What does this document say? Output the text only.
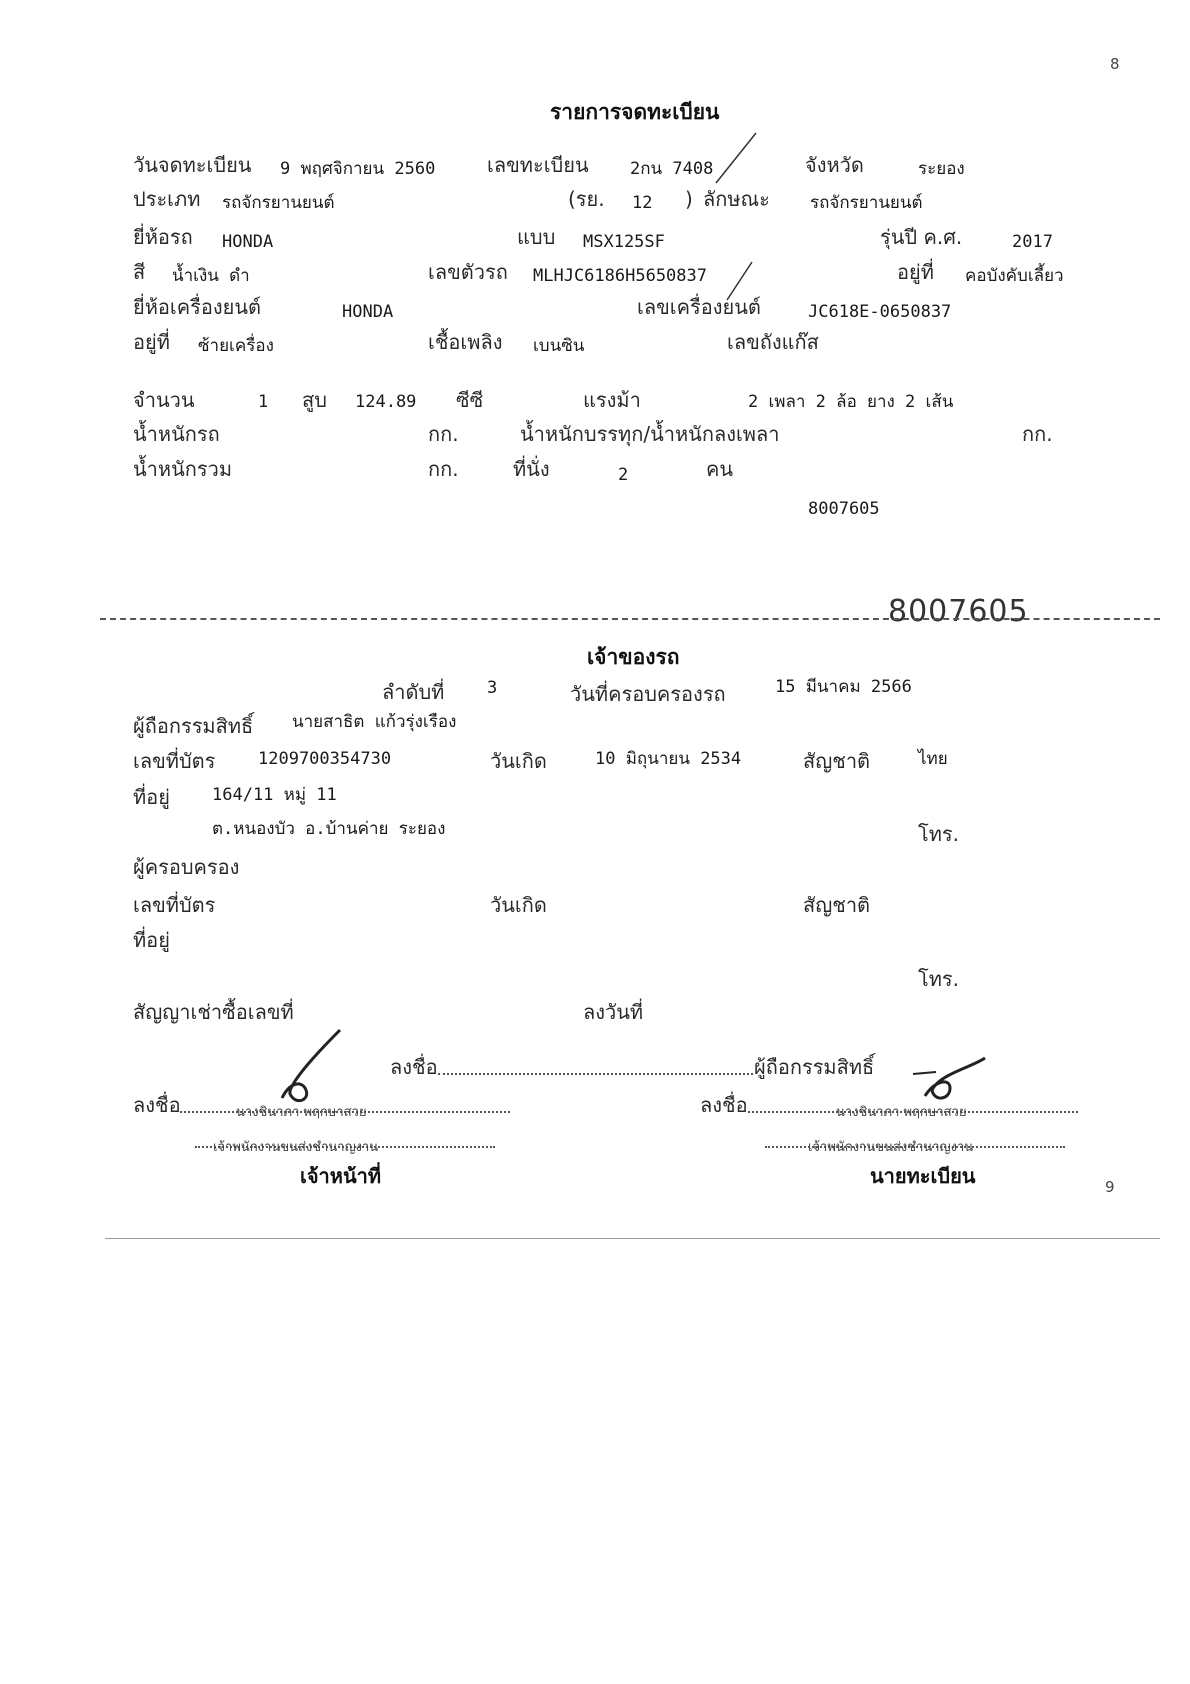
8
9
รายการจดทะเบียน
วันจดทะเบียน 9 พฤศจิกายน 2560	เลขทะเบียน 2กน 7408	จังหวัด	ระยอง
ประเภท รถจักรยานยนต์	(รย. 12 ) ลักษณะ รถจักรยานยนต์
ยี่ห้อรถ HONDA	แบบ MSX125SF	รุ่นปี ค.ศ.	2017
สี น้ำเงิน ดำ	เลขตัวรถ MLHJC6186H5650837	อยู่ที่ คอบังคับเลี้ยว
ยี่ห้อเครื่องยนต์	HONDA	เลขเครื่องยนต์	JC618E-0650837
อยู่ที่ ซ้ายเครื่อง	เชื้อเพลิง เบนซิน	เลขถังแก๊ส
จำนวน	1 สูบ 124.89 ซีซี	แรงม้า	2 เพลา 2 ล้อ ยาง 2 เส้น
น้ำหนักรถ	กก.	น้ำหนักบรรทุก/น้ำหนักลงเพลา	กก.
น้ำหนักรวม	กก.	ที่นั่ง	2	คน
8007605
8007605
เจ้าของรถ
ลำดับที่	3	วันที่ครอบครองรถ	15 มีนาคม 2566
ผู้ถือกรรมสิทธิ์ นายสาธิต แก้วรุ่งเรือง
เลขที่บัตร	1209700354730	วันเกิด	10 มิถุนายน 2534	สัญชาติ	ไทย
ที่อยู่ 164/11 หมู่ 11
ต.หนองบัว อ.บ้านค่าย ระยอง	โทร.
ผู้ครอบครอง
เลขที่บัตร	วันเกิด	สัญชาติ
ที่อยู่
โทร.
สัญญาเช่าซื้อเลขที่	ลงวันที่
ลงชื่อ	ผู้ถือกรรมสิทธิ์
ลงชื่อ	นางชินาภา พฤกษาสวย
เจ้าพนักงานขนส่งชำนาญงาน
เจ้าหน้าที่
ลงชื่อ	นางชินาภา พฤกษาสวย
เจ้าพนักงานขนส่งชำนาญงาน
นายทะเบียน
